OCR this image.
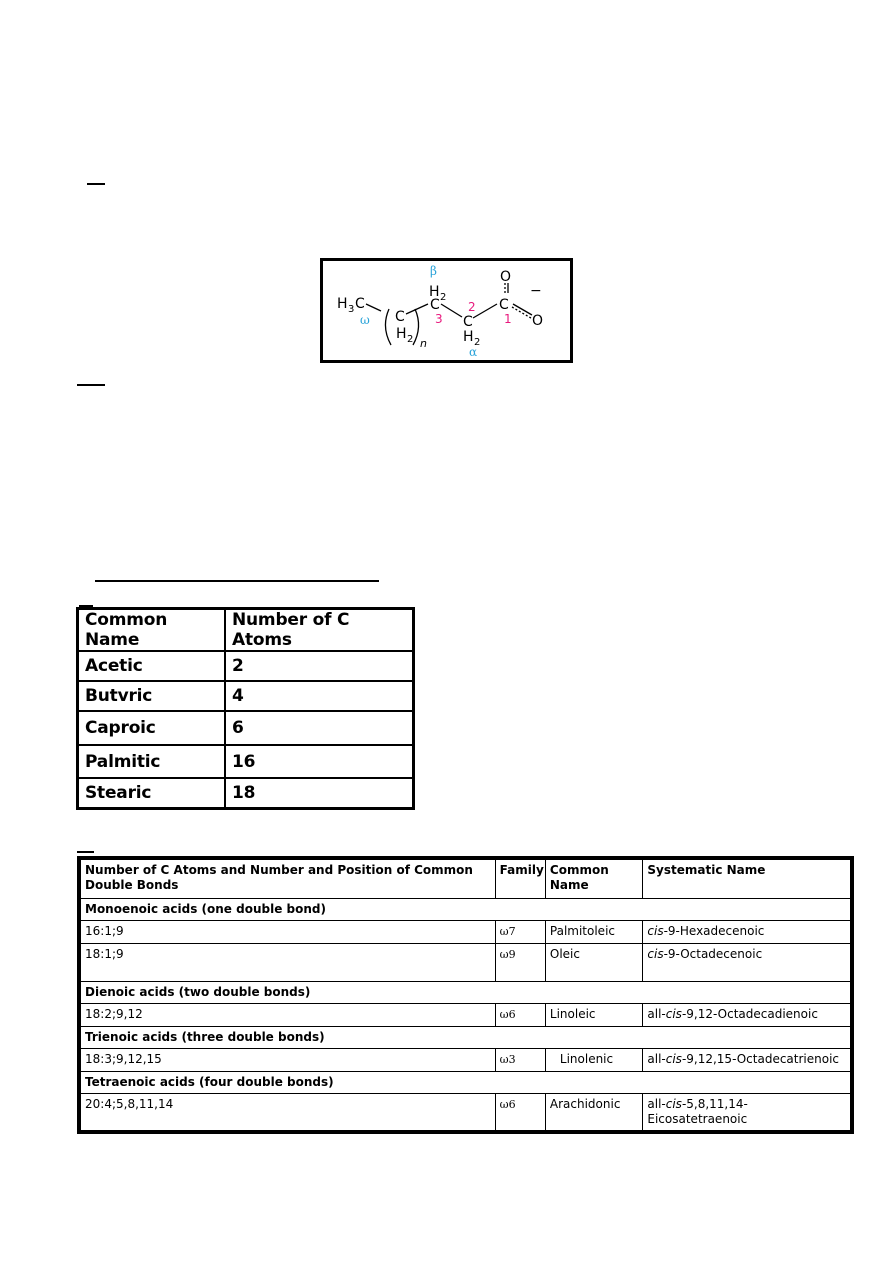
H 3 C
C
H 2 n
H 2
C
C
H 2
C
O
O
−
β
α
ω	3
2
1
Common Name	Number of C Atoms
Acetic	2
Butvric	4
Caproic	6
Palmitic	16
Stearic	18
Number of C Atoms and Number and Position of Common Double Bonds	Family	Common Name	Systematic Name
Monoenoic acids (one double bond)			
16:1;9	ω7	Palmitoleic	cis-9-Hexadecenoic
18:1;9	ω9	Oleic	cis-9-Octadecenoic
Dienoic acids (two double bonds)			
18:2;9,12	ω6	Linoleic	all-cis-9,12-Octadecadienoic
Trienoic acids (three double bonds)			
18:3;9,12,15	ω3	Linolenic	all-cis-9,12,15-Octadecatrienoic
Tetraenoic acids (four double bonds)			
20:4;5,8,11,14	ω6	Arachidonic	all-cis-5,8,11,14-Eicosatetraenoic
